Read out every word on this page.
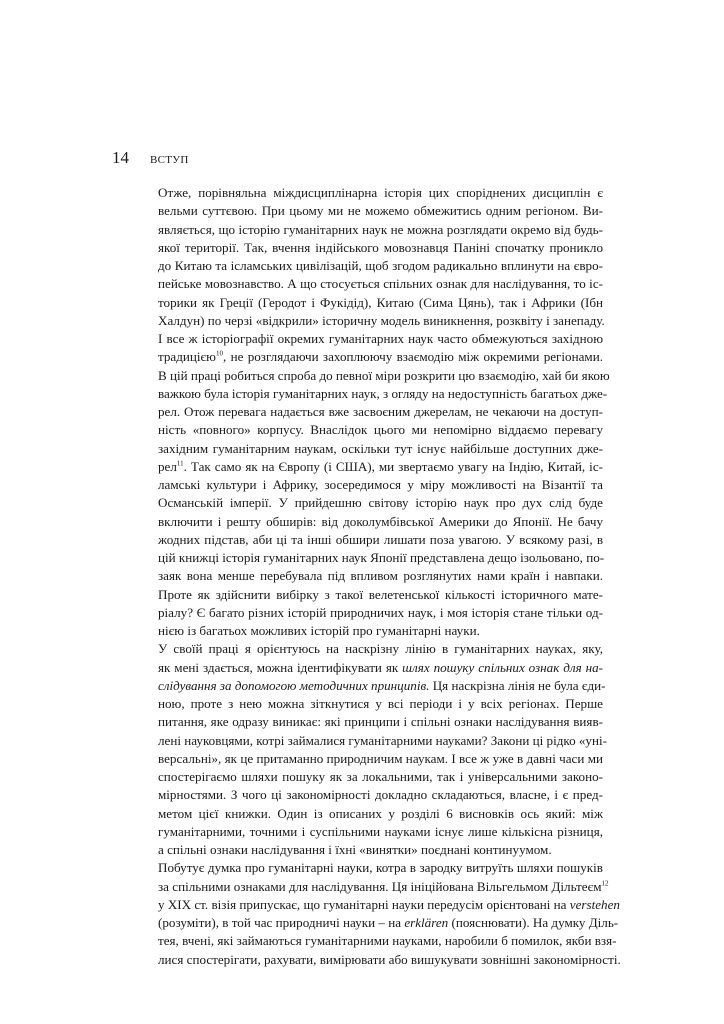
14	ВСТУП
Отже, порівняльна міждисциплінарна історія цих споріднених дисциплін є
вельми суттєвою. При цьому ми не можемо обмежитись одним регіоном. Ви-
являється, що історію гуманітарних наук не можна розглядати окремо від будь-
якої території. Так, вчення індійського мовознавця Паніні спочатку проникло
до Китаю та ісламських цивілізацій, щоб згодом радикально вплинути на євро-
пейське мовознавство. А що стосується спільних ознак для наслідування, то іс-
торики як Греції (Геродот і Фукідід), Китаю (Сима Цянь), так і Африки (Ібн
Халдун) по черзі «відкрили» історичну модель виникнення, розквіту і занепаду.
І все ж історіографії окремих гуманітарних наук часто обмежуються західною
традицією$^{10}$, не розглядаючи захоплюючу взаємодію між окремими регіонами.
В цій праці робиться спроба до певної міри розкрити цю взаємодію, хай би якою
важкою була історія гуманітарних наук, з огляду на недоступність багатьох дже-
рел. Отож перевага надається вже засвоєним джерелам, не чекаючи на доступ-
ність «повного» корпусу. Внаслідок цього ми непомірно віддаємо перевагу
західним гуманітарним наукам, оскільки тут існує найбільше доступних дже-
рел$^{11}$. Так само як на Європу (і США), ми звертаємо увагу на Індію, Китай, іс-
ламські культури і Африку, зосередимося у міру можливості на Візантії та
Османській імперії. У прийдешню світову історію наук про дух слід буде
включити і решту обширів: від доколумбівської Америки до Японії. Не бачу
жодних підстав, аби ці та інші обшири лишати поза увагою. У всякому разі, в
цій книжці історія гуманітарних наук Японії представлена дещо ізольовано, по-
заяк вона менше перебувала під впливом розглянутих нами країн і навпаки.
Проте як здійснити вибірку з такої велетенської кількості історичного мате-
ріалу? Є багато різних історій природничих наук, і моя історія стане тільки од-
нією із багатьох можливих історій про гуманітарні науки.
У своїй праці я орієнтуюсь на наскрізну лінію в гуманітарних науках, яку,
як мені здається, можна ідентифікувати як шлях пошуку спільних ознак для на-
слідування за допомогою методичних принципів. Ця наскрізна лінія не була єди-
ною, проте з нею можна зіткнутися у всі періоди і у всіх регіонах. Перше
питання, яке одразу виникає: які принципи і спільні ознаки наслідування вияв-
лені науковцями, котрі займалися гуманітарними науками? Закони ці рідко «уні-
версальні», як це притаманно природничим наукам. І все ж уже в давні часи ми
спостерігаємо шляхи пошуку як за локальними, так і універсальними законо-
мірностями. З чого ці закономірності докладно складаються, власне, і є пред-
метом цієї книжки. Один із описаних у розділі 6 висновків ось який: між
гуманітарними, точними і суспільними науками існує лише кількісна різниця,
а спільні ознаки наслідування і їхні «винятки» поєднані континуумом.
Побутує думка про гуманітарні науки, котра в зародку витруїть шляхи пошуків
за спільними ознаками для наслідування. Ця ініційована Вільгельмом Дільтеєм$^{12}$
у XIX ст. візія припускає, що гуманітарні науки передусім орієнтовані на verstehen
(розуміти), в той час природничі науки – на erklären (пояснювати). На думку Діль-
тея, вчені, які займаються гуманітарними науками, наробили б помилок, якби взя-
лися спостерігати, рахувати, вимірювати або вишукувати зовнішні закономірності.
